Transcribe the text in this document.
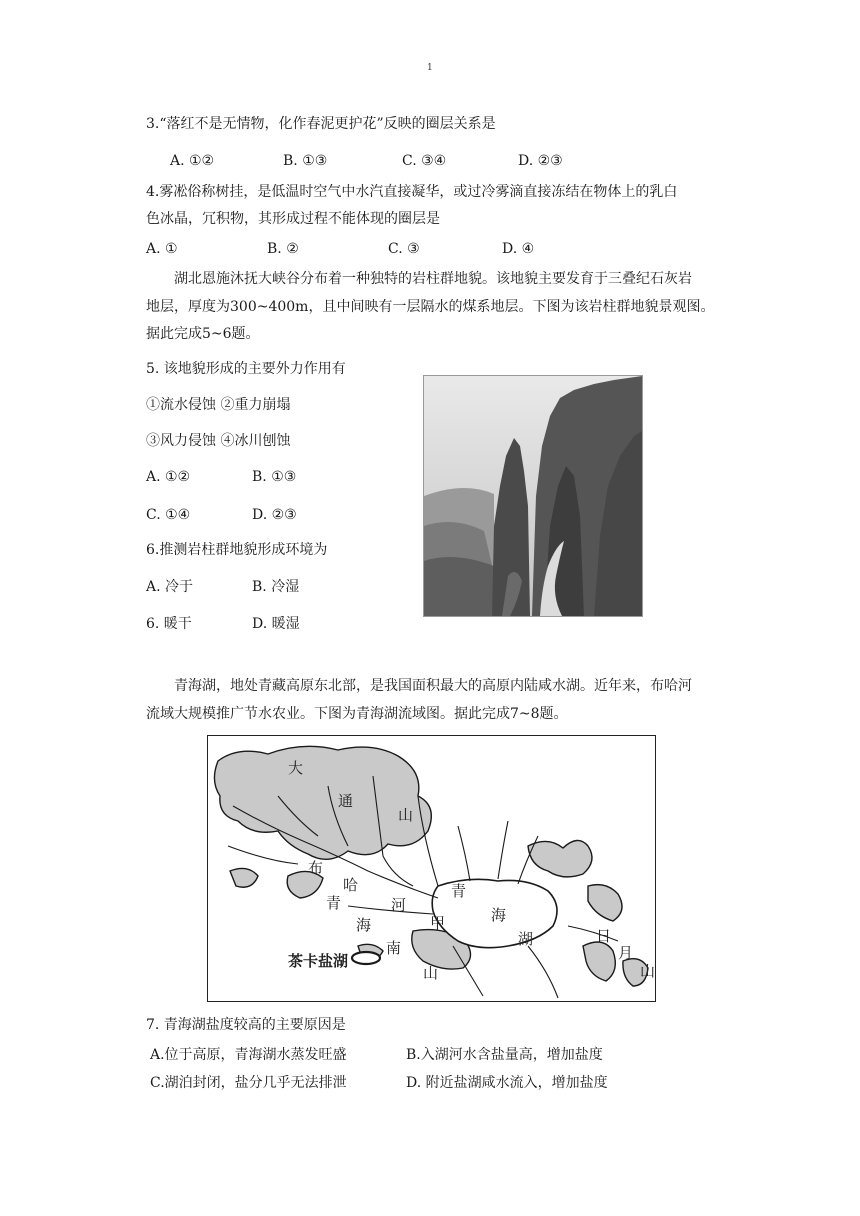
1
3.“落红不是无情物，化作春泥更护花”反映的圈层关系是
A. ①②	B. ①③	C. ③④	D. ②③
4.雾凇俗称树挂，是低温时空气中水汽直接凝华，或过冷雾滴直接冻结在物体上的乳白
色冰晶，冗积物，其形成过程不能体现的圈层是
A. ①	B. ②	C. ③	D. ④
湖北恩施沐抚大峡谷分布着一种独特的岩柱群地貌。该地貌主要发育于三叠纪石灰岩
地层，厚度为300~400m，且中间映有一层隔水的煤系地层。下图为该岩柱群地貌景观图。
据此完成5~6题。
5. 该地貌形成的主要外力作用有
①流水侵蚀 ②重力崩塌
③风力侵蚀 ④冰川刨蚀
A. ①②	B. ①③
C. ①④	D. ②③
6.推测岩柱群地貌形成环境为
A. 冷于	B. 冷湿
6. 暖干	D. 暖湿
青海湖，地处青藏高原东北部，是我国面积最大的高原内陆咸水湖。近年来，布哈河
流域大规模推广节水农业。下图为青海湖流域图。据此完成7~8题。
大
通
山
布
哈
河
青
海
南
山
甲
青
海
湖	日
月
山
茶卡盐湖
7. 青海湖盐度较高的主要原因是
A.位于高原，青海湖水蒸发旺盛	B.入湖河水含盐量高，增加盐度
C.湖泊封闭，盐分几乎无法排泄	D. 附近盐湖咸水流入，增加盐度
